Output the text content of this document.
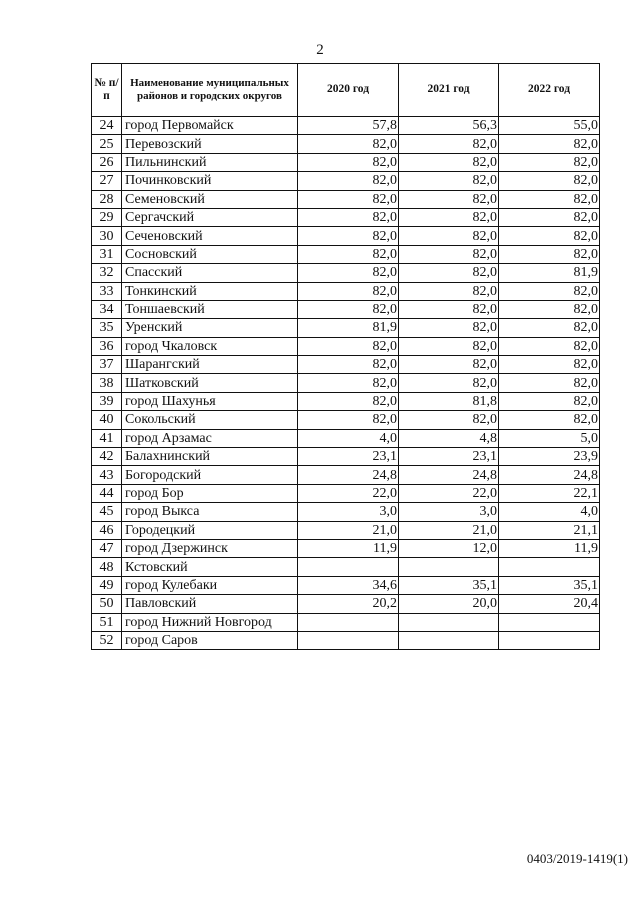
2
№ п/п	Наименование муниципальных районов и городских округов	2020 год	2021 год	2022 год
24	город Первомайск	57,8	56,3	55,0
25	Перевозский	82,0	82,0	82,0
26	Пильнинский	82,0	82,0	82,0
27	Починковский	82,0	82,0	82,0
28	Семеновский	82,0	82,0	82,0
29	Сергачский	82,0	82,0	82,0
30	Сеченовский	82,0	82,0	82,0
31	Сосновский	82,0	82,0	82,0
32	Спасский	82,0	82,0	81,9
33	Тонкинский	82,0	82,0	82,0
34	Тоншаевский	82,0	82,0	82,0
35	Уренский	81,9	82,0	82,0
36	город Чкаловск	82,0	82,0	82,0
37	Шарангский	82,0	82,0	82,0
38	Шатковский	82,0	82,0	82,0
39	город Шахунья	82,0	81,8	82,0
40	Сокольский	82,0	82,0	82,0
41	город Арзамас	4,0	4,8	5,0
42	Балахнинский	23,1	23,1	23,9
43	Богородский	24,8	24,8	24,8
44	город Бор	22,0	22,0	22,1
45	город Выкса	3,0	3,0	4,0
46	Городецкий	21,0	21,0	21,1
47	город Дзержинск	11,9	12,0	11,9
48	Кстовский			
49	город Кулебаки	34,6	35,1	35,1
50	Павловский	20,2	20,0	20,4
51	город Нижний Новгород			
52	город Саров			
0403/2019-1419(1)
